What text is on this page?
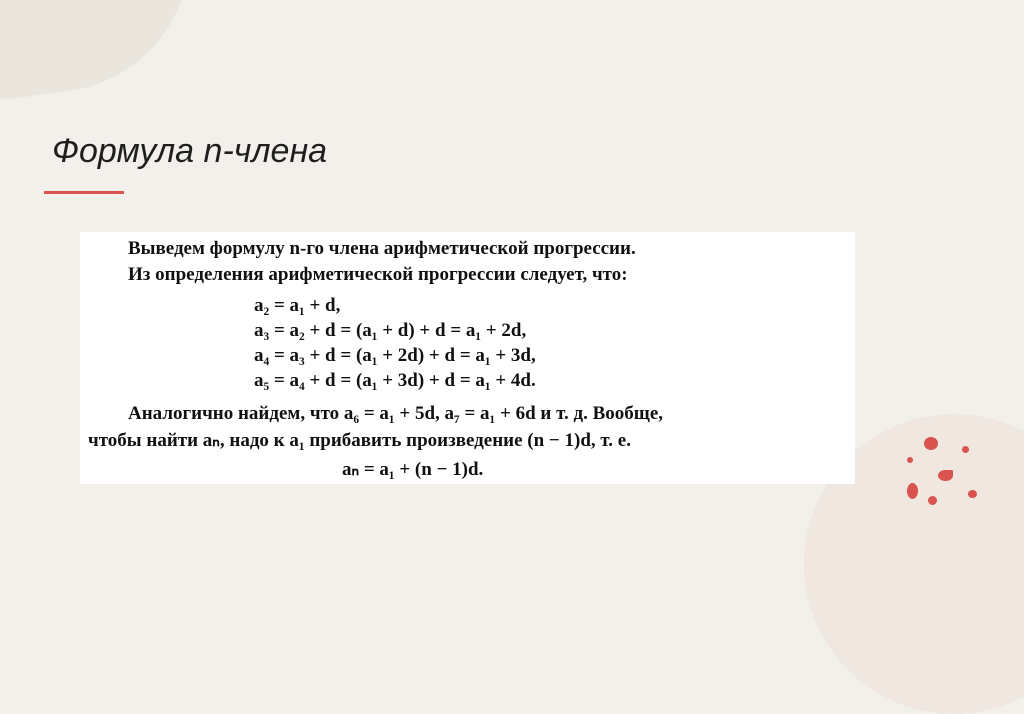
Формула n-члена
Выведем формулу n-го члена арифметической прогрессии.
Из определения арифметической прогрессии следует, что:
a₂ = a₁ + d,
a₃ = a₂ + d = (a₁ + d) + d = a₁ + 2d,
a₄ = a₃ + d = (a₁ + 2d) + d = a₁ + 3d,
a₅ = a₄ + d = (a₁ + 3d) + d = a₁ + 4d.
Аналогично найдем, что a₆ = a₁ + 5d, a₇ = a₁ + 6d и т. д. Вообще,
чтобы найти aₙ, надо к a₁ прибавить произведение (n − 1)d, т. е.
aₙ = a₁ + (n − 1)d.
